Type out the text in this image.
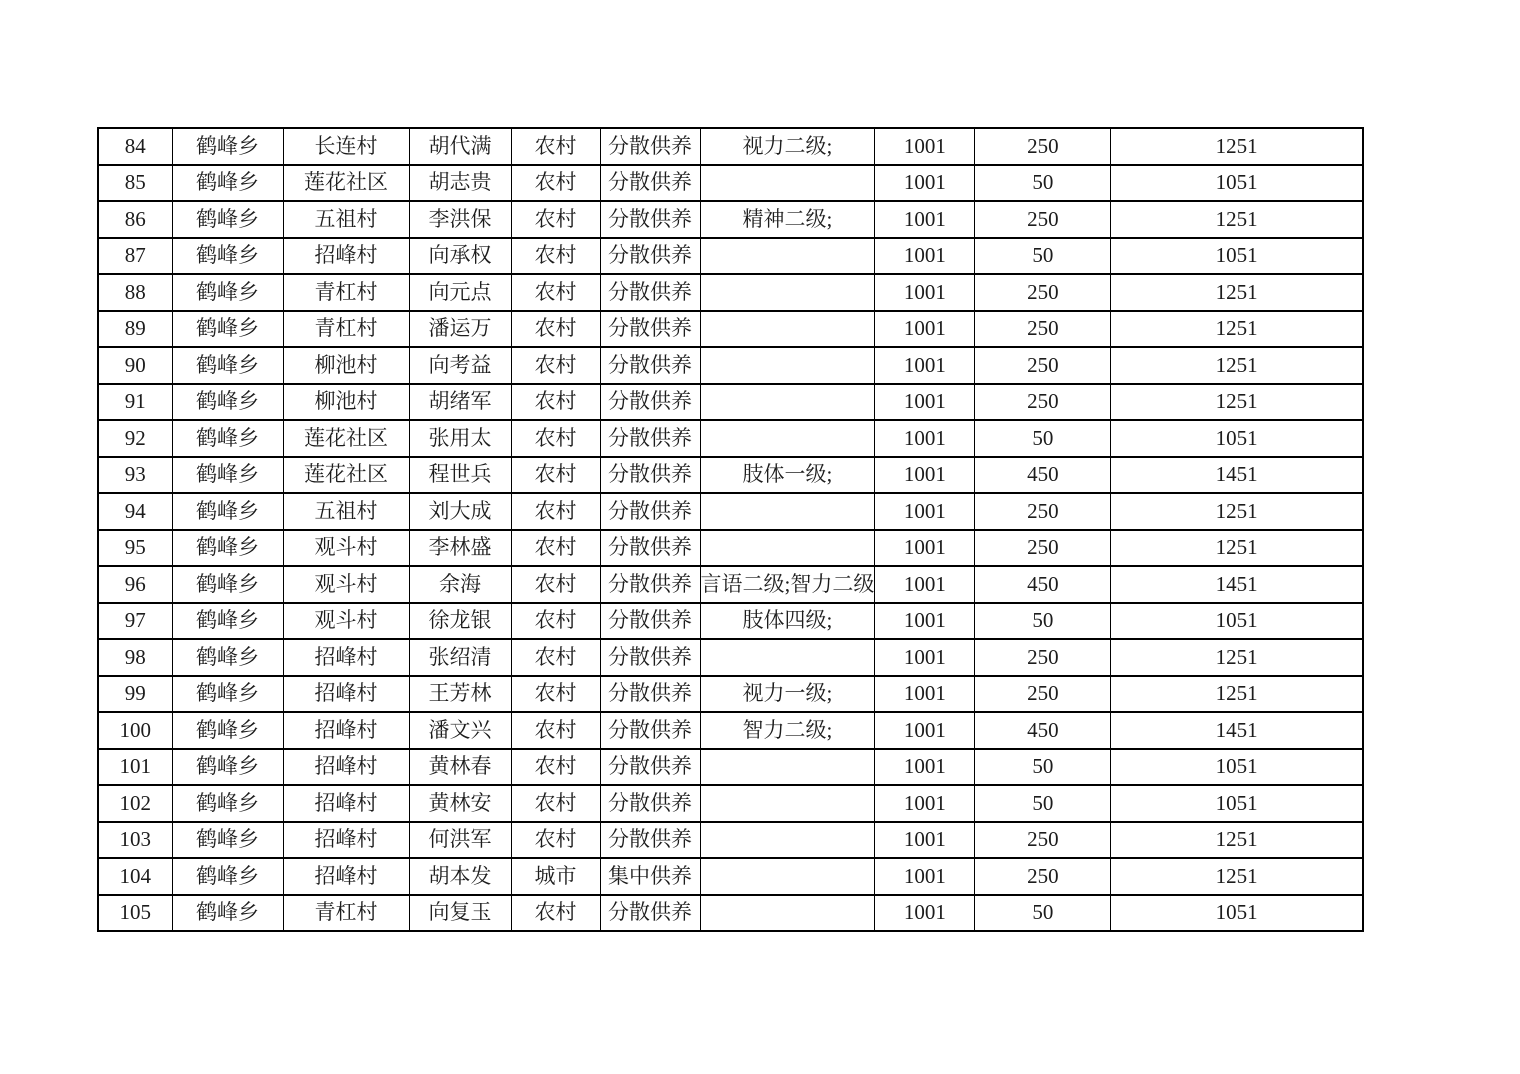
84	鹤峰乡	长连村	胡代满	农村	分散供养	视力二级;	1001	250	1251
85	鹤峰乡	莲花社区	胡志贵	农村	分散供养		1001	50	1051
86	鹤峰乡	五祖村	李洪保	农村	分散供养	精神二级;	1001	250	1251
87	鹤峰乡	招峰村	向承权	农村	分散供养		1001	50	1051
88	鹤峰乡	青杠村	向元点	农村	分散供养		1001	250	1251
89	鹤峰乡	青杠村	潘运万	农村	分散供养		1001	250	1251
90	鹤峰乡	柳池村	向考益	农村	分散供养		1001	250	1251
91	鹤峰乡	柳池村	胡绪军	农村	分散供养		1001	250	1251
92	鹤峰乡	莲花社区	张用太	农村	分散供养		1001	50	1051
93	鹤峰乡	莲花社区	程世兵	农村	分散供养	肢体一级;	1001	450	1451
94	鹤峰乡	五祖村	刘大成	农村	分散供养		1001	250	1251
95	鹤峰乡	观斗村	李林盛	农村	分散供养		1001	250	1251
96	鹤峰乡	观斗村	余海	农村	分散供养	言语二级;智力二级	1001	450	1451
97	鹤峰乡	观斗村	徐龙银	农村	分散供养	肢体四级;	1001	50	1051
98	鹤峰乡	招峰村	张绍清	农村	分散供养		1001	250	1251
99	鹤峰乡	招峰村	王芳林	农村	分散供养	视力一级;	1001	250	1251
100	鹤峰乡	招峰村	潘文兴	农村	分散供养	智力二级;	1001	450	1451
101	鹤峰乡	招峰村	黄林春	农村	分散供养		1001	50	1051
102	鹤峰乡	招峰村	黄林安	农村	分散供养		1001	50	1051
103	鹤峰乡	招峰村	何洪军	农村	分散供养		1001	250	1251
104	鹤峰乡	招峰村	胡本发	城市	集中供养		1001	250	1251
105	鹤峰乡	青杠村	向复玉	农村	分散供养		1001	50	1051
